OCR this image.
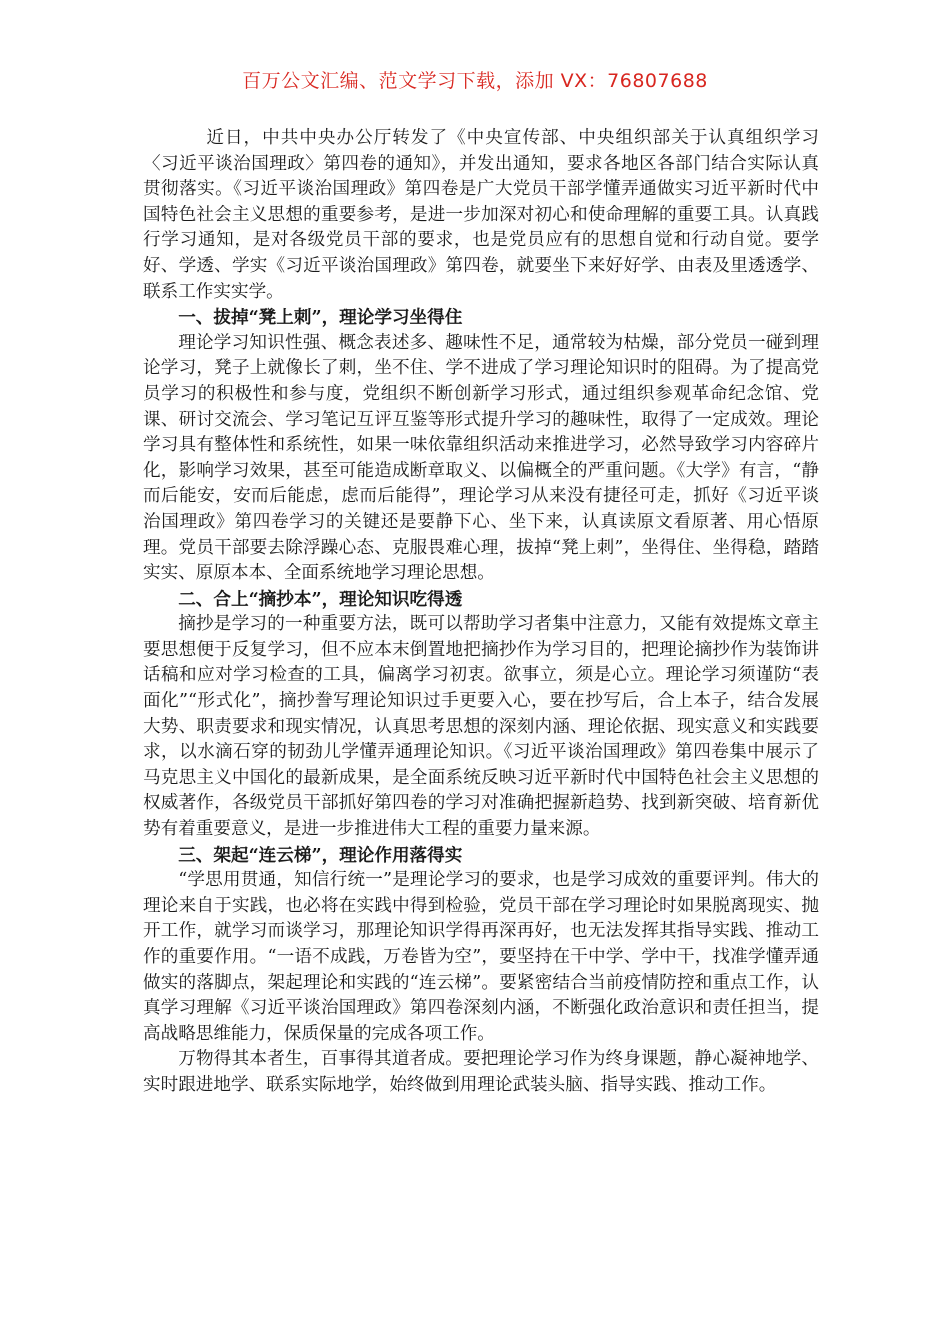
百万公文汇编、范文学习下载，添加 VX：76807688

近日，中共中央办公厅转发了《中央宣传部、中央组织部关于认真组织学习〈习近平谈治国理政〉第四卷的通知》，并发出通知，要求各地区各部门结合实际认真贯彻落实。《习近平谈治国理政》第四卷是广大党员干部学懂弄通做实习近平新时代中国特色社会主义思想的重要参考，是进一步加深对初心和使命理解的重要工具。认真践行学习通知，是对各级党员干部的要求，也是党员应有的思想自觉和行动自觉。要学好、学透、学实《习近平谈治国理政》第四卷，就要坐下来好好学、由表及里透透学、联系工作实实学。

一、拔掉“凳上刺”，理论学习坐得住

理论学习知识性强、概念表述多、趣味性不足，通常较为枯燥，部分党员一碰到理论学习，凳子上就像长了刺，坐不住、学不进成了学习理论知识时的阻碍。为了提高党员学习的积极性和参与度，党组织不断创新学习形式，通过组织参观革命纪念馆、党课、研讨交流会、学习笔记互评互鉴等形式提升学习的趣味性，取得了一定成效。理论学习具有整体性和系统性，如果一味依靠组织活动来推进学习，必然导致学习内容碎片化，影响学习效果，甚至可能造成断章取义、以偏概全的严重问题。《大学》有言，“静而后能安，安而后能虑，虑而后能得”，理论学习从来没有捷径可走，抓好《习近平谈治国理政》第四卷学习的关键还是要静下心、坐下来，认真读原文看原著、用心悟原理。党员干部要去除浮躁心态、克服畏难心理，拔掉“凳上刺”，坐得住、坐得稳，踏踏实实、原原本本、全面系统地学习理论思想。

二、合上“摘抄本”，理论知识吃得透

摘抄是学习的一种重要方法，既可以帮助学习者集中注意力，又能有效提炼文章主要思想便于反复学习，但不应本末倒置地把摘抄作为学习目的，把理论摘抄作为装饰讲话稿和应对学习检查的工具，偏离学习初衷。欲事立，须是心立。理论学习须谨防“表面化”“形式化”，摘抄誊写理论知识过手更要入心，要在抄写后，合上本子，结合发展大势、职责要求和现实情况，认真思考思想的深刻内涵、理论依据、现实意义和实践要求，以水滴石穿的韧劲儿学懂弄通理论知识。《习近平谈治国理政》第四卷集中展示了马克思主义中国化的最新成果，是全面系统反映习近平新时代中国特色社会主义思想的权威著作，各级党员干部抓好第四卷的学习对准确把握新趋势、找到新突破、培育新优势有着重要意义，是进一步推进伟大工程的重要力量来源。

三、架起“连云梯”，理论作用落得实

“学思用贯通，知信行统一”是理论学习的要求，也是学习成效的重要评判。伟大的理论来自于实践，也必将在实践中得到检验，党员干部在学习理论时如果脱离现实、抛开工作，就学习而谈学习，那理论知识学得再深再好，也无法发挥其指导实践、推动工作的重要作用。“一语不成践，万卷皆为空”，要坚持在干中学、学中干，找准学懂弄通做实的落脚点，架起理论和实践的“连云梯”。要紧密结合当前疫情防控和重点工作，认真学习理解《习近平谈治国理政》第四卷深刻内涵，不断强化政治意识和责任担当，提高战略思维能力，保质保量的完成各项工作。

万物得其本者生，百事得其道者成。要把理论学习作为终身课题，静心凝神地学、实时跟进地学、联系实际地学，始终做到用理论武装头脑、指导实践、推动工作。
